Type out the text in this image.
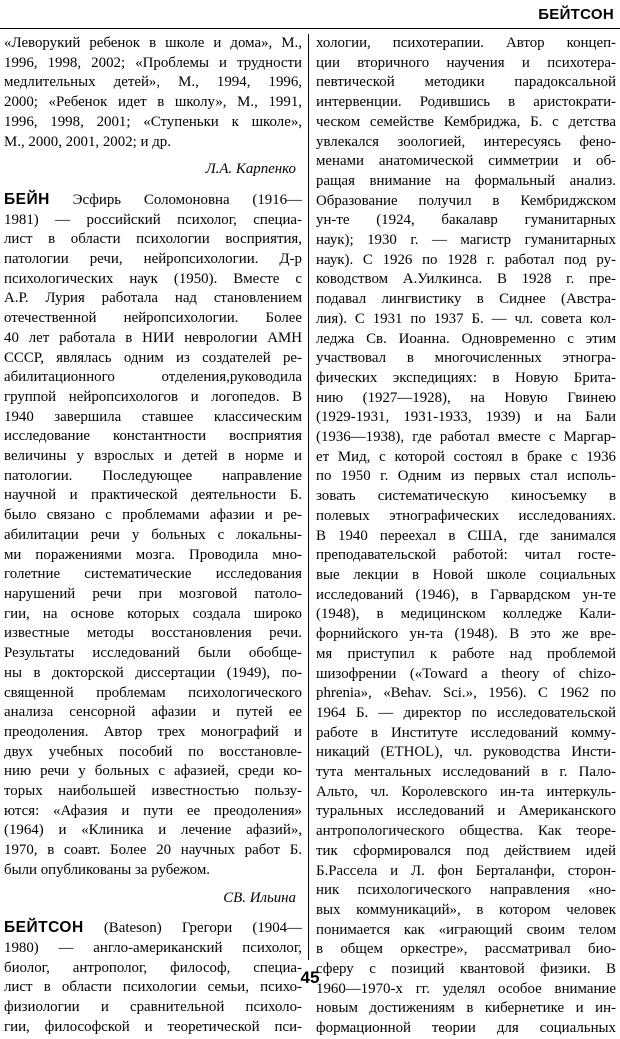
БЕЙТСОН
«Леворукий ребенок в школе и дома», М.,
1996, 1998, 2002; «Проблемы и трудности
медлительных детей», М., 1994, 1996,
2000; «Ребенок идет в школу», М., 1991,
1996, 1998, 2001; «Ступеньки к школе»,
М., 2000, 2001, 2002; и др.
Л.А. Карпенко
БЕЙН Эсфирь Соломоновна (1916—
1981) — российский психолог, специа-
лист в области психологии восприятия,
патологии речи, нейропсихологии. Д-р
психологических наук (1950). Вместе с
А.Р. Лурия работала над становлением
отечественной нейропсихологии. Более
40 лет работала в НИИ неврологии АМН
СССР, являлась одним из создателей ре-
абилитационного отделения,руководила
группой нейропсихологов и логопедов. В
1940 завершила ставшее классическим
исследование константности восприятия
величины у взрослых и детей в норме и
патологии. Последующее направление
научной и практической деятельности Б.
было связано с проблемами афазии и ре-
абилитации речи у больных с локальны-
ми поражениями мозга. Проводила мно-
голетние систематические исследования
нарушений речи при мозговой патоло-
гии, на основе которых создала широко
известные методы восстановления речи.
Результаты исследований были обобще-
ны в докторской диссертации (1949), по-
священной проблемам психологического
анализа сенсорной афазии и путей ее
преодоления. Автор трех монографий и
двух учебных пособий по восстановле-
нию речи у больных с афазией, среди ко-
торых наибольшей известностью пользу-
ются: «Афазия и пути ее преодоления»
(1964) и «Клиника и лечение афазий»,
1970, в соавт. Более 20 научных работ Б.
были опубликованы за рубежом.
СВ. Ильина
БЕЙТСОН (Bateson) Грегори (1904—
1980) — англо-американский психолог,
биолог, антрополог, философ, специа-
лист в области психологии семьи, психо-
физиологии и сравнительной психоло-
гии, философской и теоретической пси-
хологии, психотерапии. Автор концеп-
ции вторичного научения и психотера-
певтической методики парадоксальной
интервенции. Родившись в аристократи-
ческом семействе Кембриджа, Б. с детства
увлекался зоологией, интересуясь фено-
менами анатомической симметрии и об-
ращая внимание на формальный анализ.
Образование получил в Кембриджском
ун-те (1924, бакалавр гуманитарных
наук); 1930 г. — магистр гуманитарных
наук). С 1926 по 1928 г. работал под ру-
ководством А.Уилкинса. В 1928 г. пре-
подавал лингвистику в Сиднее (Австра-
лия). С 1931 по 1937 Б. — чл. совета кол-
леджа Св. Иоанна. Одновременно с этим
участвовал в многочисленных этногра-
фических экспедициях: в Новую Брита-
нию (1927—1928), на Новую Гвинею
(1929-1931, 1931-1933, 1939) и на Бали
(1936—1938), где работал вместе с Маргар-
ет Мид, с которой состоял в браке с 1936
по 1950 г. Одним из первых стал исполь-
зовать систематическую киносъемку в
полевых этнографических исследованиях.
В 1940 переехал в США, где занимался
преподавательской работой: читал госте-
вые лекции в Новой школе социальных
исследований (1946), в Гарвардском ун-те
(1948), в медицинском колледже Кали-
форнийского ун-та (1948). В это же вре-
мя приступил к работе над проблемой
шизофрении («Toward a theory of chizo-
phrenia», «Behav. Sci.», 1956). С 1962 по
1964 Б. — директор по исследовательской
работе в Институте исследований комму-
никаций (ETHOL), чл. руководства Инсти-
тута ментальных исследований в г. Пало-
Альто, чл. Королевского ин-та интеркуль-
туральных исследований и Американского
антропологического общества. Как теоре-
тик сформировался под действием идей
Б.Рассела и Л. фон Берталанфи, сторон-
ник психологического направления «но-
вых коммуникаций», в котором человек
понимается как «играющий своим телом
в общем оркестре», рассматривал био-
сферу с позиций квантовой физики. В
1960—1970-х гг. уделял особое внимание
новым достижениям в кибернетике и ин-
формационной теории для социальных
45
